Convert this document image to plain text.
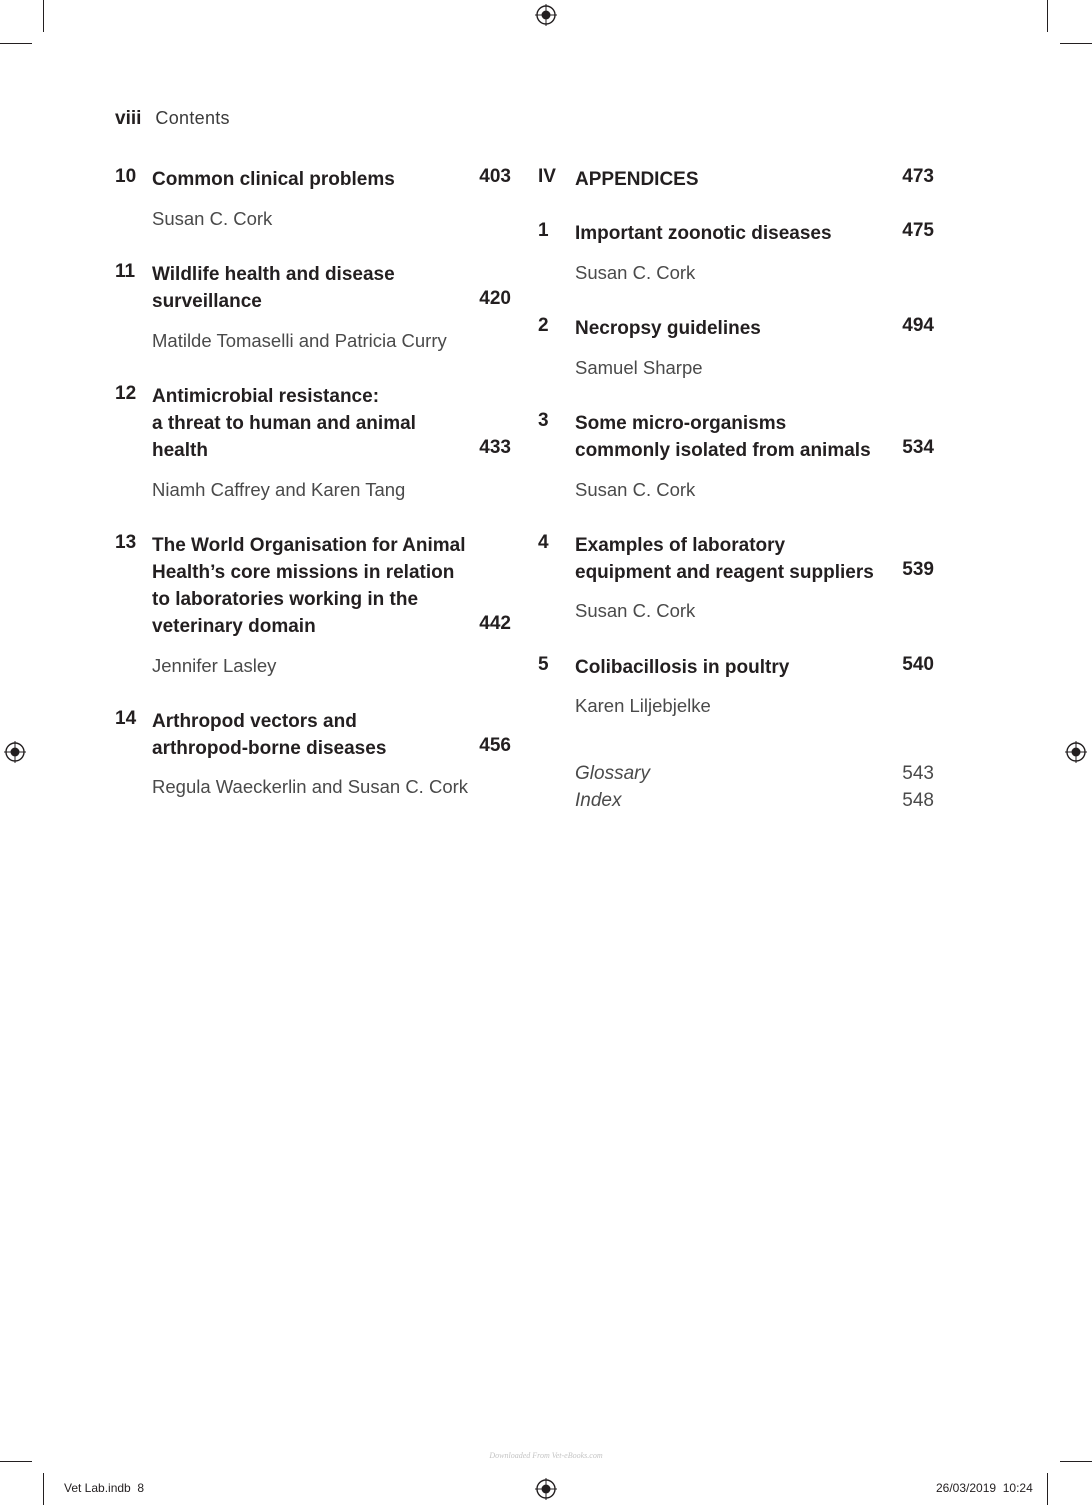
viii Contents
10 Common clinical problems	403
Susan C. Cork
11 Wildlife health and disease
surveillance	420
Matilde Tomaselli and Patricia Curry
12 Antimicrobial resistance:
a threat to human and animal
health	433
Niamh Caffrey and Karen Tang
13 The World Organisation for Animal
Health’s core missions in relation
to laboratories working in the
veterinary domain	442
Jennifer Lasley
14 Arthropod vectors and
arthropod-borne diseases	456
Regula Waeckerlin and Susan C. Cork
IV APPENDICES	473
1 Important zoonotic diseases	475
Susan C. Cork
2 Necropsy guidelines	494
Samuel Sharpe
3 Some micro-organisms
commonly isolated from animals 534
Susan C. Cork
4 Examples of laboratory
equipment and reagent suppliers 539
Susan C. Cork
5 Colibacillosis in poultry	540
Karen Liljebjelke
Glossary	543
Index	548
Downloaded From Vet-eBooks.com
Vet Lab.indb 8	26/03/2019 10:24
